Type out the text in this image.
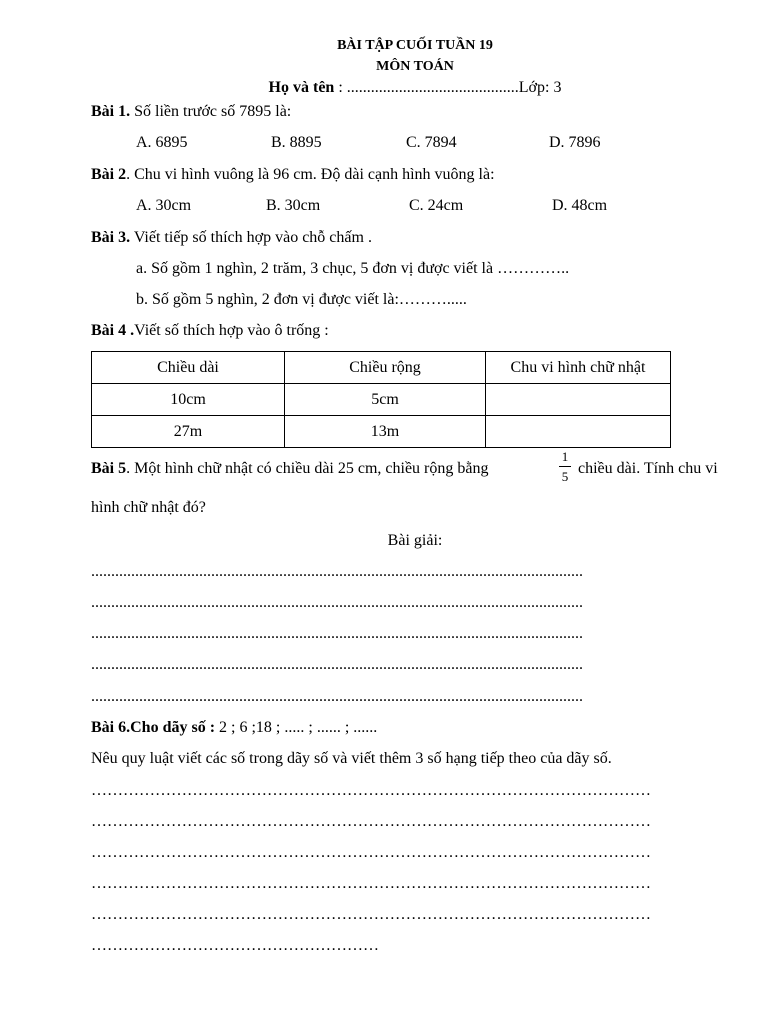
BÀI TẬP CUỐI TUẦN 19
MÔN TOÁN
Họ và tên : ...........................................Lớp: 3
Bài 1. Số liền trước số 7895 là:
A. 6895	B. 8895	C. 7894	D. 7896
Bài 2. Chu vi hình vuông là 96 cm. Độ dài cạnh hình vuông là:
A. 30cm	B. 30cm	C. 24cm	D. 48cm
Bài 3. Viết tiếp số thích hợp vào chỗ chấm .
a. Số gồm 1 nghìn, 2 trăm, 3 chục, 5 đơn vị được viết là …………..
b. Số gồm 5 nghìn, 2 đơn vị được viết là:……….....
Bài 4 .Viết số thích hợp vào ô trống :
Chiều dài	Chiều rộng	Chu vi hình chữ nhật
10cm	5cm	
27m	13m	
Bài 5. Một hình chữ nhật có chiều dài 25 cm, chiều rộng bằng
1
5 chiều dài. Tính chu vi
hình chữ nhật đó?
Bài giải:
...........................................................................................................................
...........................................................................................................................
...........................................................................................................................
...........................................................................................................................
...........................................................................................................................
Bài 6.Cho dãy số : 2 ; 6 ;18 ; ..... ; ...... ; ......
Nêu quy luật viết các số trong dãy số và viết thêm 3 số hạng tiếp theo của dãy số.
……………………………………………………………………………………………
……………………………………………………………………………………………
……………………………………………………………………………………………
……………………………………………………………………………………………
……………………………………………………………………………………………
………………………………………………
